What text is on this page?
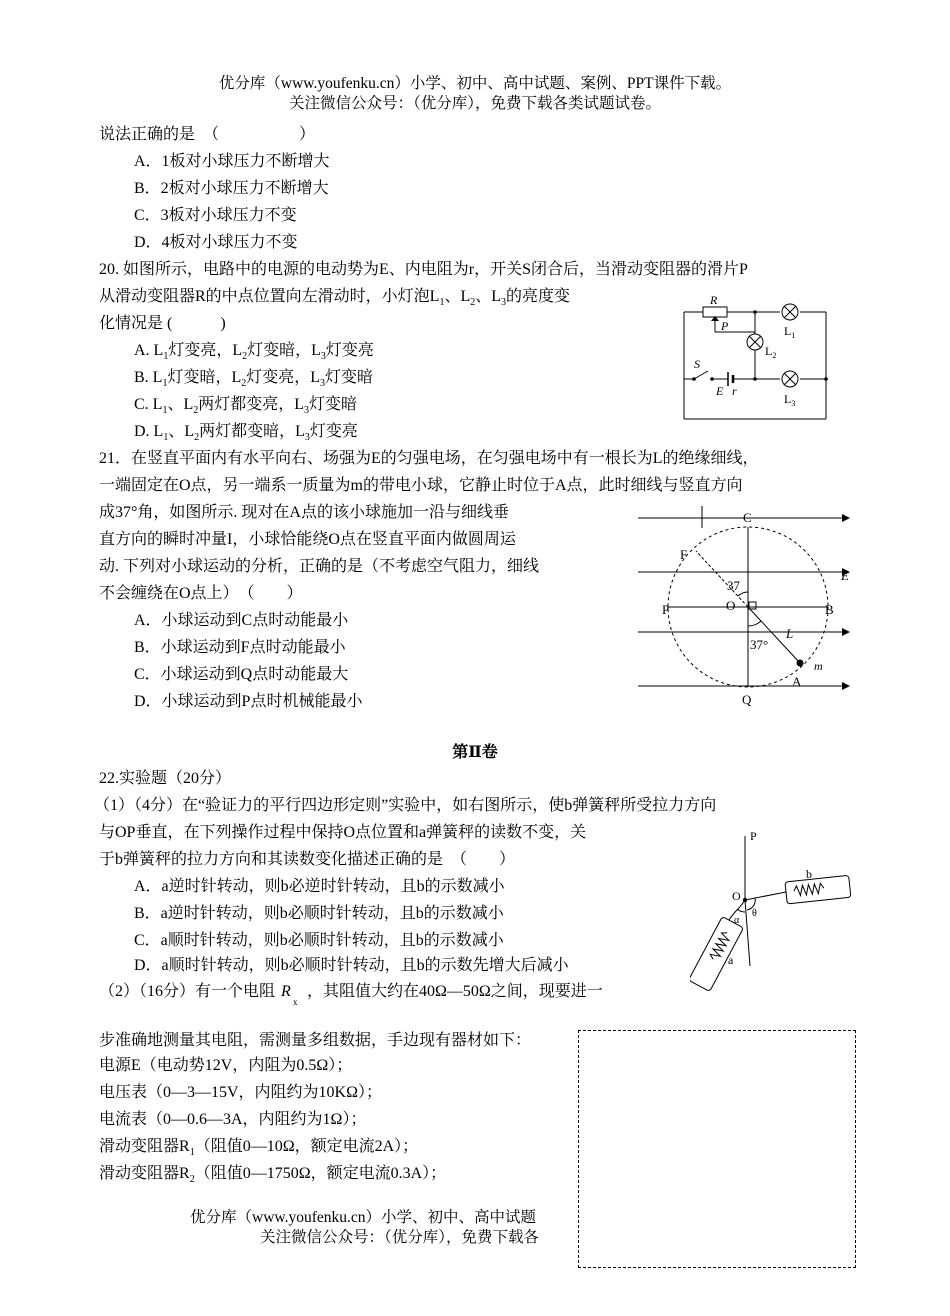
优分库（www.youfenku.cn）小学、初中、高中试题、案例、PPT课件下载。
关注微信公众号：（优分库），免费下载各类试题试卷。
说法正确的是　（　　　　　）
A．1板对小球压力不断增大
B．2板对小球压力不断增大
C．3板对小球压力不变
D．4板对小球压力不变
20. 如图所示，电路中的电源的电动势为E、内电阻为r，开关S闭合后，当滑动变阻器的滑片P
从滑动变阻器R的中点位置向左滑动时，小灯泡$L_1$、$L_2$、$L_3$的亮度变
化情况是 (　　　)
A. $L_1$灯变亮，$L_2$灯变暗，$L_3$灯变亮
B. $L_1$灯变暗，$L_2$灯变亮，$L_3$灯变暗
C. $L_1$、$L_2$两灯都变亮，$L_3$灯变暗
D. $L_1$、$L_2$两灯都变暗，$L_3$灯变亮
R
P
S
E r
$L_1$
$L_2$
$L_3$
21．在竖直平面内有水平向右、场强为E的匀强电场，在匀强电场中有一根长为L的绝缘细线，
一端固定在O点，另一端系一质量为m的带电小球，它静止时位于A点，此时细线与竖直方向
成37°角，如图所示. 现对在A点的该小球施加一沿与细线垂
直方向的瞬时冲量I，小球恰能绕O点在竖直平面内做圆周运
动. 下列对小球运动的分析，正确的是（不考虑空气阻力，细线
不会缠绕在O点上）　（　　）
A．小球运动到C点时动能最小
B．小球运动到F点时动能最小
C．小球运动到Q点时动能最大
D．小球运动到P点时机械能最小
C
F
E
37
O
P	B
L
37°
m
A
Q
第Ⅱ卷
22.实验题（20分）
（1）（4分）在“验证力的平行四边形定则”实验中，如右图所示，使b弹簧秤所受拉力方向
与OP垂直，在下列操作过程中保持O点位置和a弹簧秤的读数不变，关
于b弹簧秤的拉力方向和其读数变化描述正确的是　（　　）
A．a逆时针转动，则b必逆时针转动，且b的示数减小
B．a逆时针转动，则b必顺时针转动，且b的示数减小
C．a顺时针转动，则b必顺时针转动，且b的示数减小
D．a顺时针转动，则b必顺时针转动，且b的示数先增大后减小
P
O
b
a
α
θ
（2）（16分）有一个电阻 R
x
，其阻值大约在40Ω—50Ω之间，现要进一
步准确地测量其电阻，需测量多组数据，手边现有器材如下：
电源E（电动势12V，内阻为0.5Ω）；
电压表（0—3—15V，内阻约为10KΩ）；
电流表（0—0.6—3A，内阻约为1Ω）；
滑动变阻器$R_1$（阻值0—10Ω，额定电流2A）；
滑动变阻器$R_2$（阻值0—1750Ω，额定电流0.3A）；
优分库（www.youfenku.cn）小学、初中、高中试题
关注微信公众号：（优分库），免费下载各
